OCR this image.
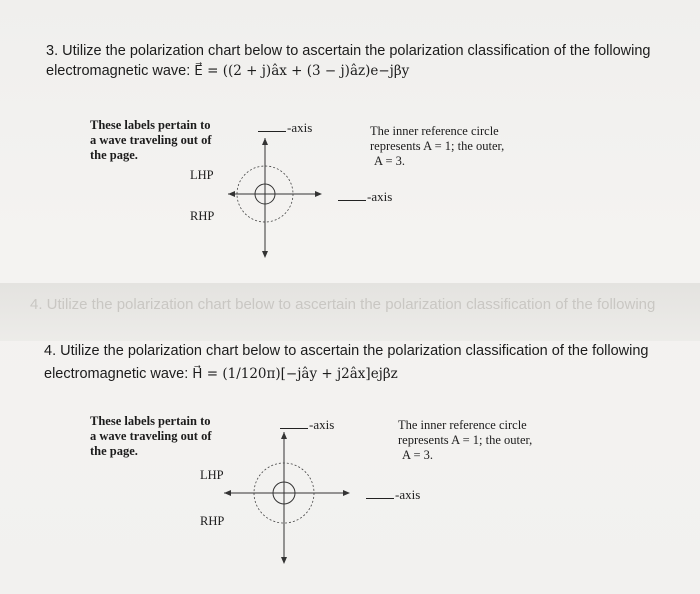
3. Utilize the polarization chart below to ascertain the polarization classification of the following
electromagnetic wave: E⃗ = ((2 + j)âx + (3 − j)âz)e−jβy
These labels pertain to
a wave traveling out of
the page.
-axis
-axis
The inner reference circle
represents A = 1; the outer,
A = 3.
LHP
RHP
4. Utilize the polarization chart below to ascertain the polarization classification of the following
4. Utilize the polarization chart below to ascertain the polarization classification of the following
electromagnetic wave: H⃗ = (1/120π)[−jây + j2âx]ejβz
These labels pertain to
a wave traveling out of
the page.
-axis
-axis
The inner reference circle
represents A = 1; the outer,
A = 3.
LHP
RHP
